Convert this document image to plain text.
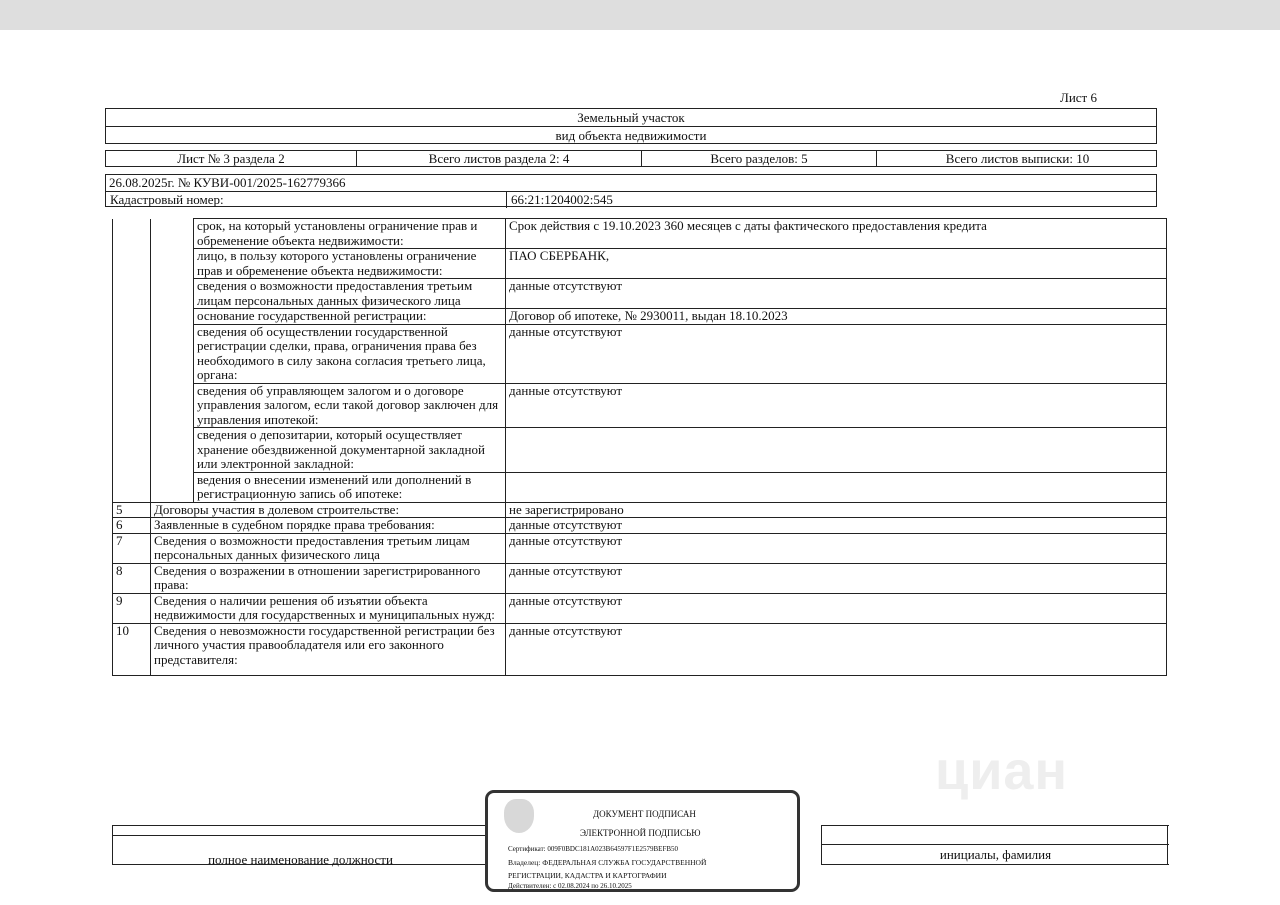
Лист 6
Земельный участок
вид объекта недвижимости
Лист № 3 раздела 2	Всего листов раздела 2: 4	Всего разделов: 5	Всего листов выписки: 10
26.08.2025г. № КУВИ-001/2025-162779366
Кадастровый номер:	66:21:1204002:545
		срок, на который установлены ограничение прав и обременение объекта недвижимости:	Срок действия с 19.10.2023 360 месяцев с даты фактического предоставления кредита
		лицо, в пользу которого установлены ограничение прав и обременение объекта недвижимости:	ПАО СБЕРБАНК,
		сведения о возможности предоставления третьим лицам персональных данных физического лица	данные отсутствуют
		основание государственной регистрации:	Договор об ипотеке, № 2930011, выдан 18.10.2023
		сведения об осуществлении государственной регистрации сделки, права, ограничения права без необходимого в силу закона согласия третьего лица, органа:	данные отсутствуют
		сведения об управляющем залогом и о договоре управления залогом, если такой договор заключен для управления ипотекой:	данные отсутствуют
		сведения о депозитарии, который осуществляет хранение обездвиженной документарной закладной или электронной закладной:	
		ведения о внесении изменений или дополнений в регистрационную запись об ипотеке:	
5	Договоры участия в долевом строительстве:		не зарегистрировано
6	Заявленные в судебном порядке права требования:		данные отсутствуют
7	Сведения о возможности предоставления третьим лицам персональных данных физического лица		данные отсутствуют
8	Сведения о возражении в отношении зарегистрированного права:		данные отсутствуют
9	Сведения о наличии решения об изъятии объекта недвижимости для государственных и муниципальных нужд:		данные отсутствуют
10	Сведения о невозможности государственной регистрации без личного участия правообладателя или его законного представителя:		данные отсутствуют
циан
полное наименование должности	инициалы, фамилия
ДОКУМЕНТ ПОДПИСАН
ЭЛЕКТРОННОЙ ПОДПИСЬЮ
Сертификат: 009F0BDC181A023B64597F1E2579BEFB50
Владелец: ФЕДЕРАЛЬНАЯ СЛУЖБА ГОСУДАРСТВЕННОЙ
РЕГИСТРАЦИИ, КАДАСТРА И КАРТОГРАФИИ
Действителен: с 02.08.2024 по 26.10.2025
